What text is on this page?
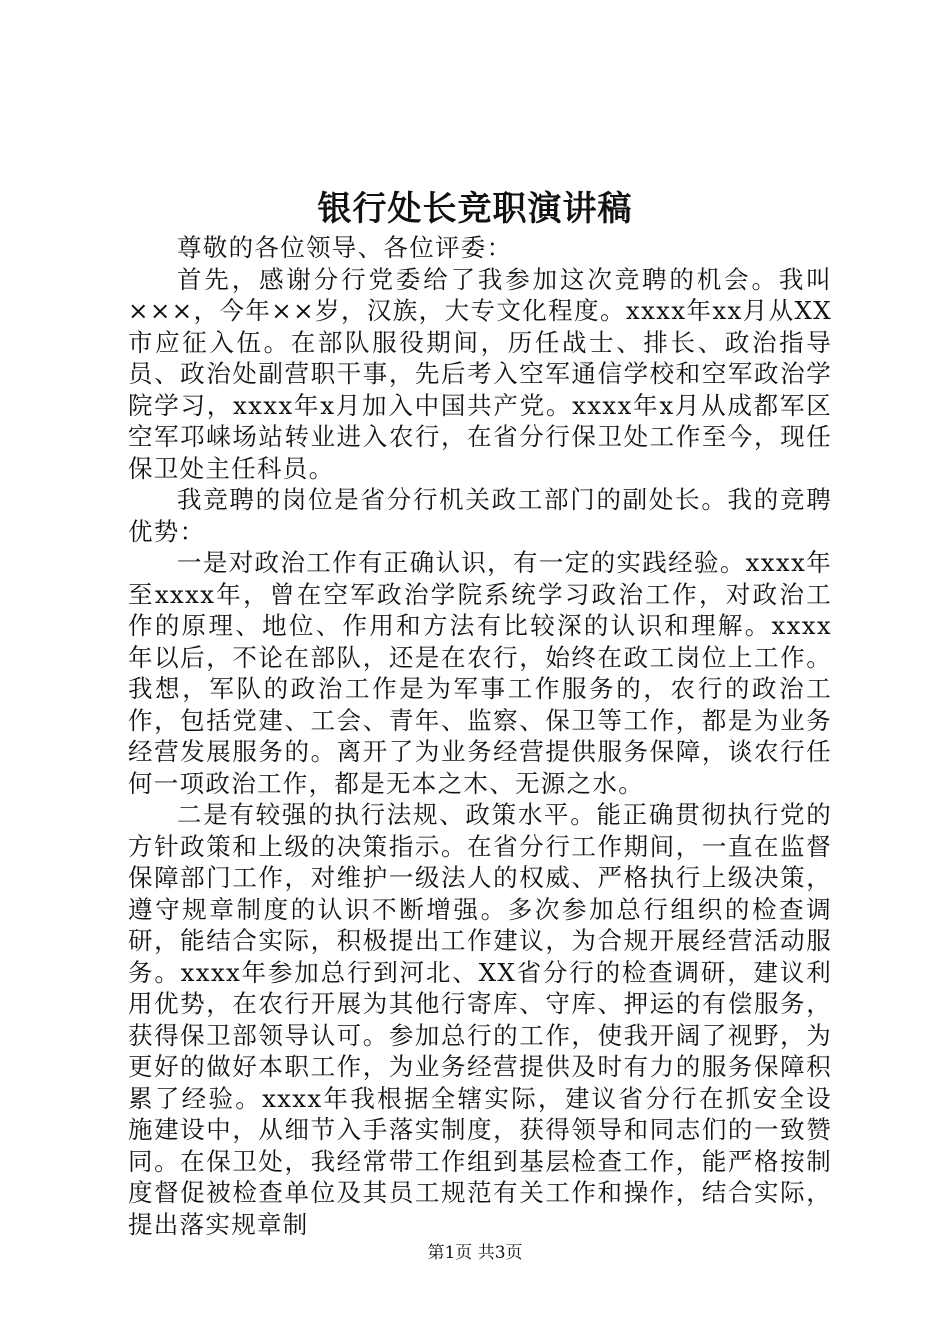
银行处长竞职演讲稿

尊敬的各位领导、各位评委：

首先，感谢分行党委给了我参加这次竞聘的机会。我叫×××，今年××岁，汉族，大专文化程度。xxxx年xx月从XX市应征入伍。在部队服役期间，历任战士、排长、政治指导员、政治处副营职干事，先后考入空军通信学校和空军政治学院学习，xxxx年x月加入中国共产党。xxxx年x月从成都军区空军邛崃场站转业进入农行，在省分行保卫处工作至今，现任保卫处主任科员。

我竞聘的岗位是省分行机关政工部门的副处长。我的竞聘优势：

一是对政治工作有正确认识，有一定的实践经验。xxxx年至xxxx年，曾在空军政治学院系统学习政治工作，对政治工作的原理、地位、作用和方法有比较深的认识和理解。xxxx年以后，不论在部队，还是在农行，始终在政工岗位上工作。我想，军队的政治工作是为军事工作服务的，农行的政治工作，包括党建、工会、青年、监察、保卫等工作，都是为业务经营发展服务的。离开了为业务经营提供服务保障，谈农行任何一项政治工作，都是无本之木、无源之水。

二是有较强的执行法规、政策水平。能正确贯彻执行党的方针政策和上级的决策指示。在省分行工作期间，一直在监督保障部门工作，对维护一级法人的权威、严格执行上级决策，遵守规章制度的认识不断增强。多次参加总行组织的检查调研，能结合实际，积极提出工作建议，为合规开展经营活动服务。xxxx年参加总行到河北、XX省分行的检查调研，建议利用优势，在农行开展为其他行寄库、守库、押运的有偿服务，获得保卫部领导认可。参加总行的工作，使我开阔了视野，为更好的做好本职工作，为业务经营提供及时有力的服务保障积累了经验。xxxx年我根据全辖实际，建议省分行在抓安全设施建设中，从细节入手落实制度，获得领导和同志们的一致赞同。在保卫处，我经常带工作组到基层检查工作，能严格按制度督促被检查单位及其员工规范有关工作和操作，结合实际，提出落实规章制

第1页 共3页
